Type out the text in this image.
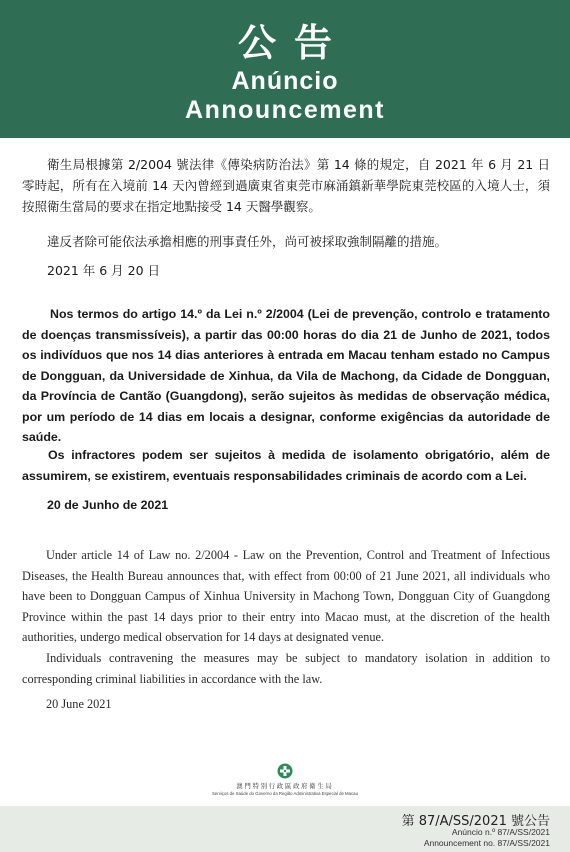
公告
Anúncio
Announcement

衛生局根據第 2/2004 號法律《傳染病防治法》第 14 條的規定，自 2021 年 6 月 21 日零時起，所有在入境前 14 天內曾經到過廣東省東莞市麻涌鎮新華學院東莞校區的入境人士，須按照衛生當局的要求在指定地點接受 14 天醫學觀察。

違反者除可能依法承擔相應的刑事責任外，尚可被採取強制隔離的措施。

2021 年 6 月 20 日

Nos termos do artigo 14.º da Lei n.º 2/2004 (Lei de prevenção, controlo e tratamento de doenças transmissíveis), a partir das 00:00 horas do dia 21 de Junho de 2021, todos os indivíduos que nos 14 dias anteriores à entrada em Macau tenham estado no Campus de Dongguan, da Universidade de Xinhua, da Vila de Machong, da Cidade de Dongguan, da Província de Cantão (Guangdong), serão sujeitos às medidas de observação médica, por um período de 14 dias em locais a designar, conforme exigências da autoridade de saúde.

Os infractores podem ser sujeitos à medida de isolamento obrigatório, além de assumirem, se existirem, eventuais responsabilidades criminais de acordo com a Lei.

20 de Junho de 2021

Under article 14 of Law no. 2/2004 - Law on the Prevention, Control and Treatment of Infectious Diseases, the Health Bureau announces that, with effect from 00:00 of 21 June 2021, all individuals who have been to Dongguan Campus of Xinhua University in Machong Town, Dongguan City of Guangdong Province within the past 14 days prior to their entry into Macao must, at the discretion of the health authorities, undergo medical observation for 14 days at designated venue.

Individuals contravening the measures may be subject to mandatory isolation in addition to corresponding criminal liabilities in accordance with the law.

20 June 2021

澳門特別行政區政府衛生局
Serviços de Saúde do Governo da Região Administrativa Especial de Macau
第 87/A/SS/2021 號公告
Anúncio n.º 87/A/SS/2021
Announcement no. 87/A/SS/2021
